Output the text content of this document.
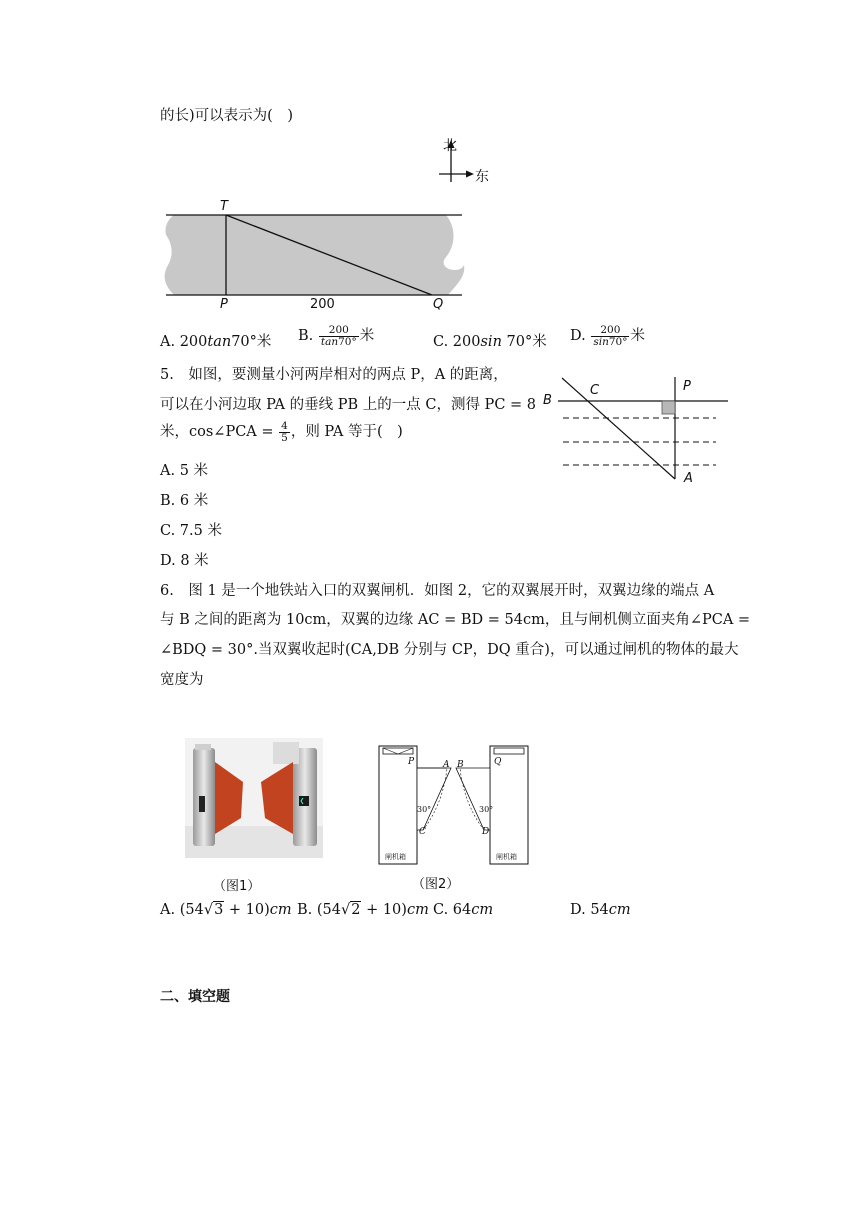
的长)可以表示为(　)
北
东
T
P	200	Q
A. 200tan70°米 B. $\frac{200}{\tan 70^\circ}$ 米	C. 200sin 70°米 D. $\frac{200}{\sin 70^\circ}$ 米
5.　如图，要测量小河两岸相对的两点 P，A 的距离，
可以在小河边取 PA 的垂线 PB 上的一点 C，测得 PC = 8
米，cos∠PCA = $\frac{4}{5}$ ，则 PA 等于(　)
B
C	P
A
A. 5 米
B. 6 米
C. 7.5 米
D. 8 米
6.　图 1 是一个地铁站入口的双翼闸机．如图 2，它的双翼展开时，双翼边缘的端点 A
与 B 之间的距离为 10cm，双翼的边缘 AC = BD = 54cm，且与闸机侧立面夹角∠PCA =
∠BDQ = 30°.当双翼收起时(CA,DB 分别与 CP，DQ 重合)，可以通过闸机的物体的最大
宽度为
（图1）
P	A B	Q
30°	30°
C	D
闸机箱	闸机箱
（图2）
A. (54√3 + 10)cm B. (54√2 + 10)cm C. 64cm	D. 54cm
二、填空题
